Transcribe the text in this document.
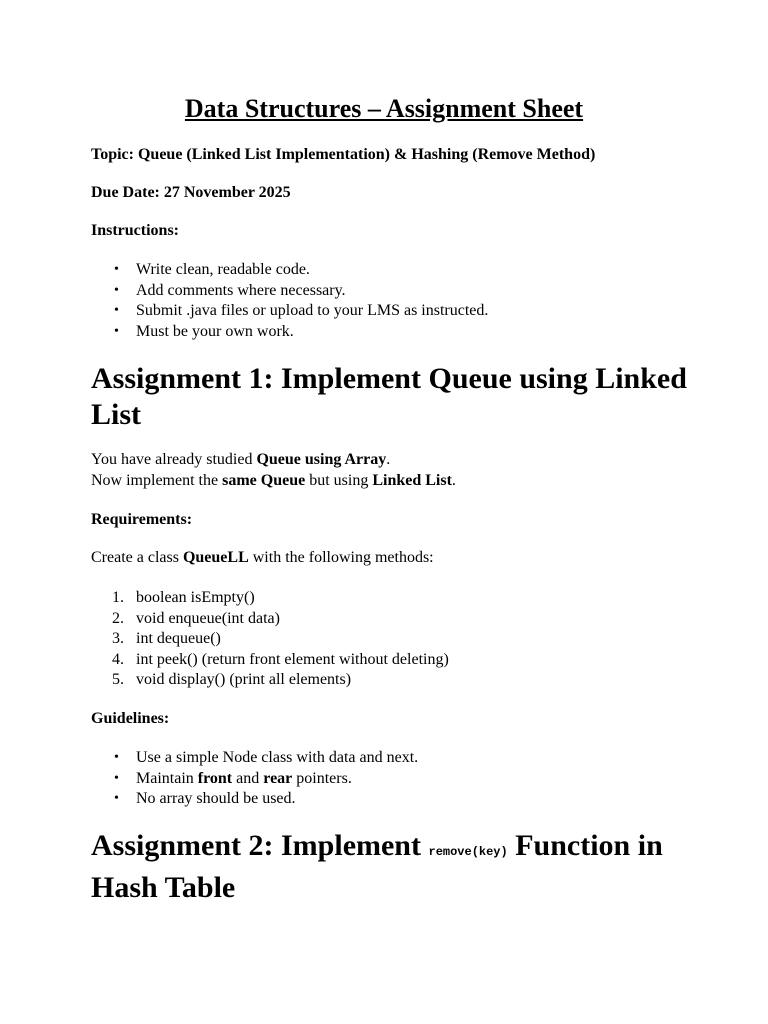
Data Structures – Assignment Sheet

Topic: Queue (Linked List Implementation) & Hashing (Remove Method)

Due Date: 27 November 2025

Instructions:

• Write clean, readable code.
• Add comments where necessary.
• Submit .java files or upload to your LMS as instructed.
• Must be your own work.
Assignment 1: Implement Queue using Linked List

You have already studied Queue using Array.
Now implement the same Queue but using Linked List.

Requirements:

Create a class QueueLL with the following methods:

1. boolean isEmpty()
2. void enqueue(int data)
3. int dequeue()
4. int peek() (return front element without deleting)
5. void display() (print all elements)

Guidelines:

• Use a simple Node class with data and next.
• Maintain front and rear pointers.
• No array should be used.
Assignment 2: Implement remove(key) Function in
Hash Table
